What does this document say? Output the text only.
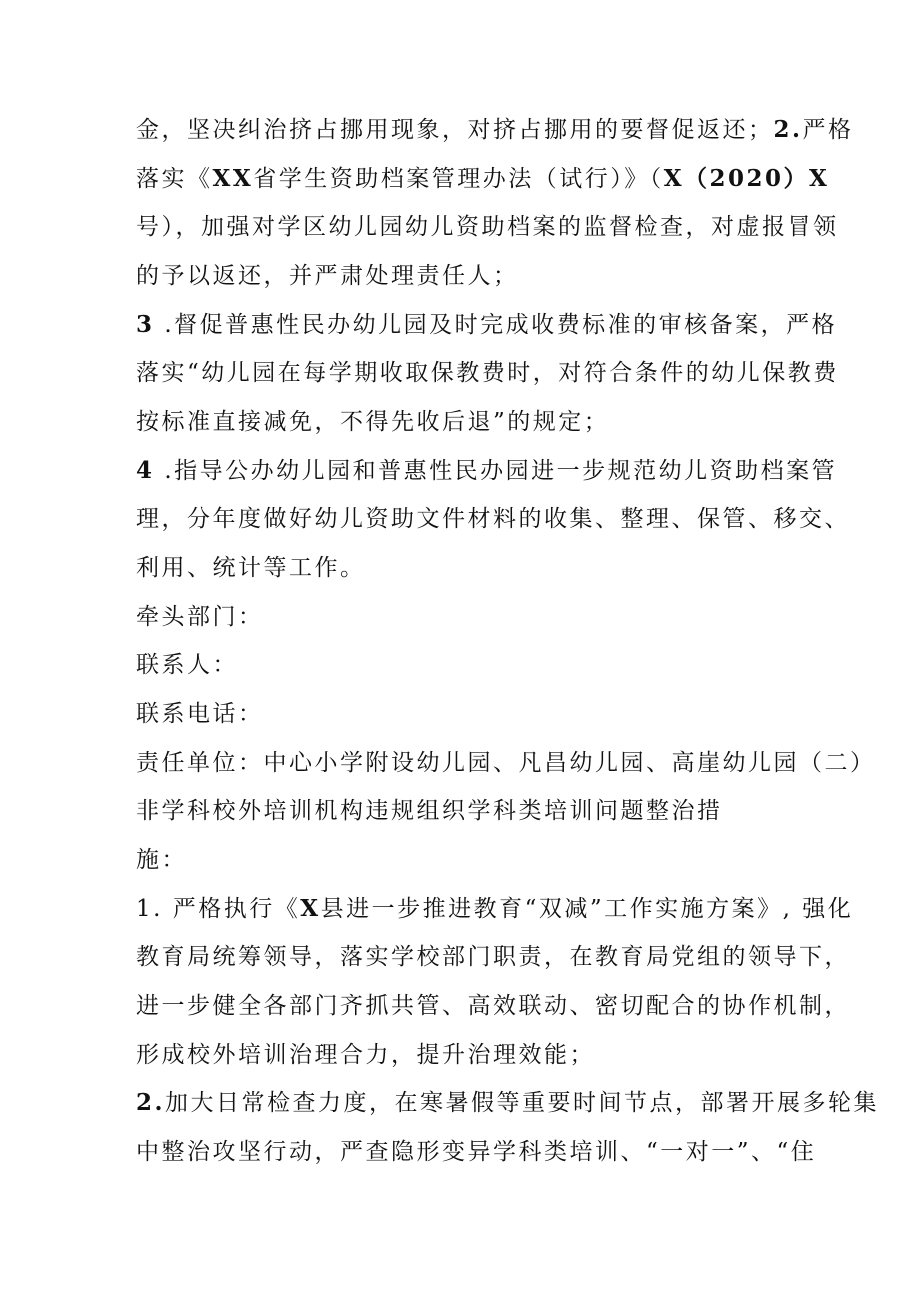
金，坚决纠治挤占挪用现象，对挤占挪用的要督促返还；2.严格
落实《XX省学生资助档案管理办法（试行）》（X（2020）X
号），加强对学区幼儿园幼儿资助档案的监督检查，对虚报冒领
的予以返还，并严肃处理责任人；
3 .督促普惠性民办幼儿园及时完成收费标准的审核备案，严格
落实“幼儿园在每学期收取保教费时，对符合条件的幼儿保教费
按标准直接减免，不得先收后退”的规定；
4 .指导公办幼儿园和普惠性民办园进一步规范幼儿资助档案管
理，分年度做好幼儿资助文件材料的收集、整理、保管、移交、
利用、统计等工作。
牵头部门：
联系人：
联系电话：
责任单位：中心小学附设幼儿园、凡昌幼儿园、高崖幼儿园（二）
非学科校外培训机构违规组织学科类培训问题整治措
施：
1. 严格执行《X县进一步推进教育“双减”工作实施方案》, 强化
教育局统筹领导，落实学校部门职责，在教育局党组的领导下，
进一步健全各部门齐抓共管、高效联动、密切配合的协作机制，
形成校外培训治理合力，提升治理效能；
2.加大日常检查力度，在寒暑假等重要时间节点，部署开展多轮集
中整治攻坚行动，严查隐形变异学科类培训、“一对一”、“住
